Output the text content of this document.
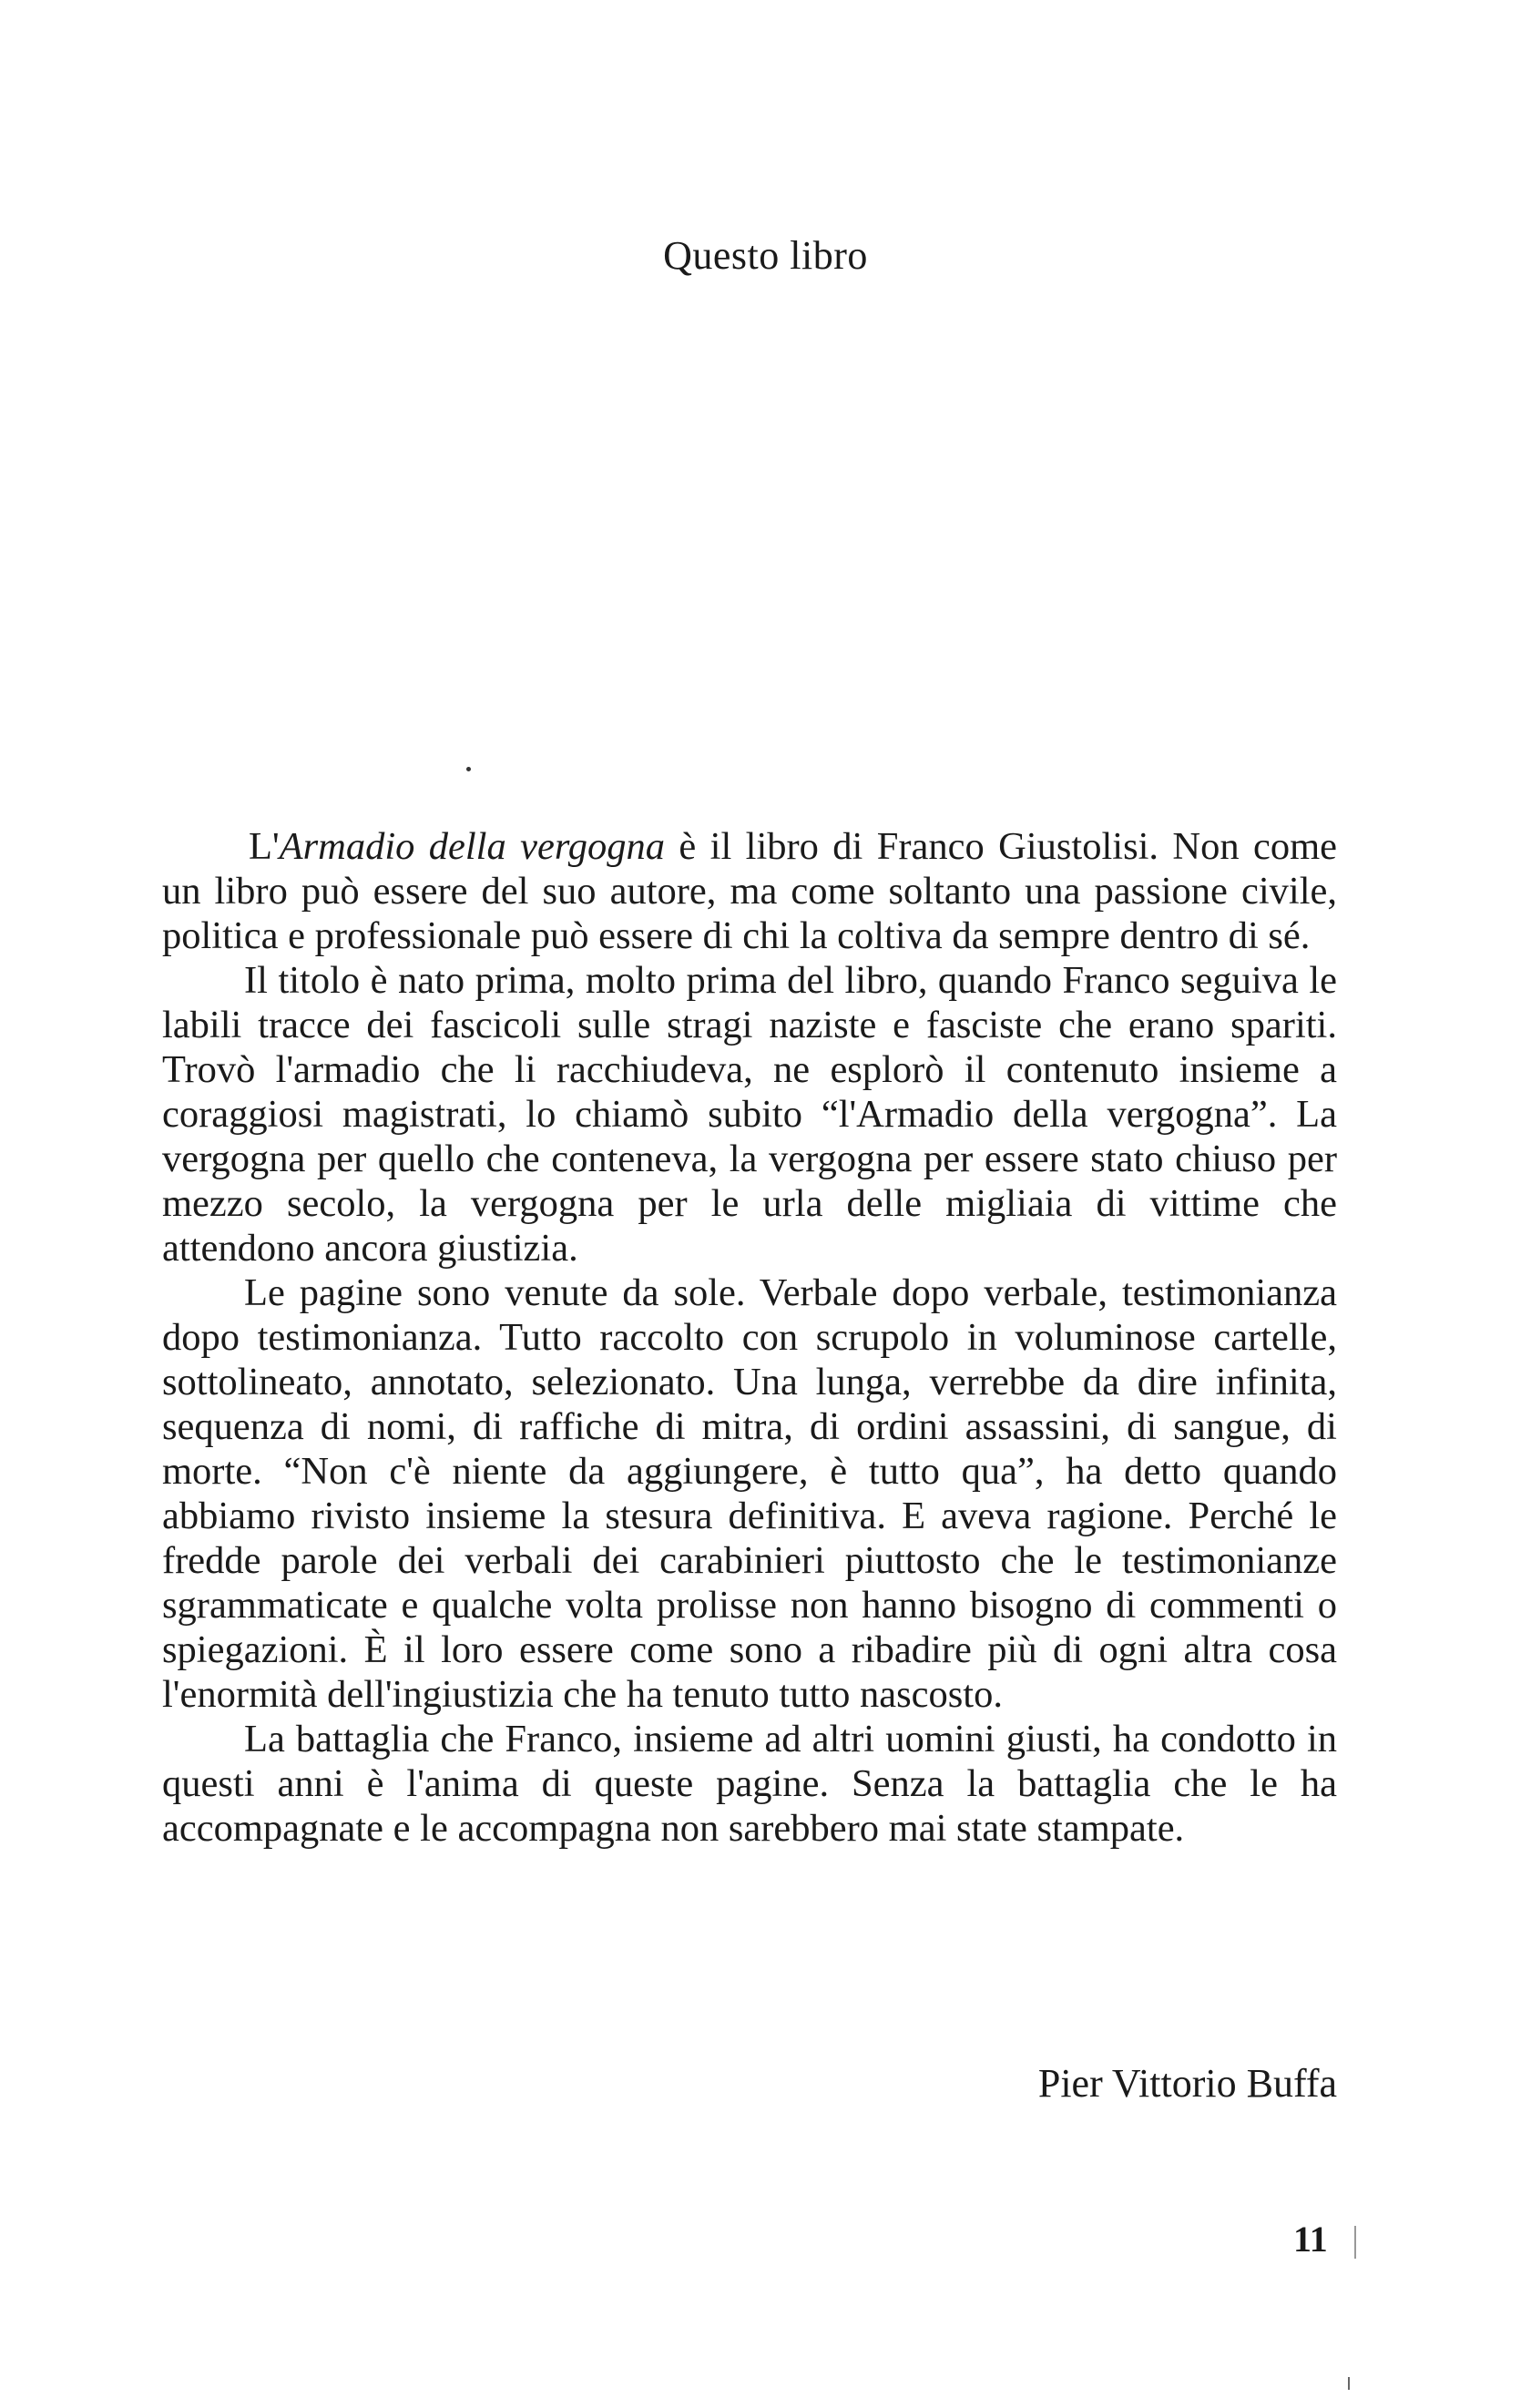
Questo libro

L'Armadio della vergogna è il libro di Franco Giustolisi. Non come un libro può essere del suo autore, ma come soltanto una passione civile, politica e professionale può essere di chi la coltiva da sempre dentro di sé.

Il titolo è nato prima, molto prima del libro, quando Franco seguiva le labili tracce dei fascicoli sulle stragi naziste e fasciste che erano spariti. Trovò l'armadio che li racchiudeva, ne esplorò il contenuto insieme a coraggiosi magistrati, lo chiamò subito “l'Armadio della vergogna”. La vergogna per quello che conteneva, la vergogna per essere stato chiuso per mezzo secolo, la vergogna per le urla delle migliaia di vittime che attendono ancora giustizia.

Le pagine sono venute da sole. Verbale dopo verbale, testimonianza dopo testimonianza. Tutto raccolto con scrupolo in voluminose cartelle, sottolineato, annotato, selezionato. Una lunga, verrebbe da dire infinita, sequenza di nomi, di raffiche di mitra, di ordini assassini, di sangue, di morte. “Non c'è niente da aggiungere, è tutto qua”, ha detto quando abbiamo rivisto insieme la stesura definitiva. E aveva ragione. Perché le fredde parole dei verbali dei carabinieri piuttosto che le testimonianze sgrammaticate e qualche volta prolisse non hanno bisogno di commenti o spiegazioni. È il loro essere come sono a ribadire più di ogni altra cosa l'enormità dell'ingiustizia che ha tenuto tutto nascosto.

La battaglia che Franco, insieme ad altri uomini giusti, ha condotto in questi anni è l'anima di queste pagine. Senza la battaglia che le ha accompagnate e le accompagna non sarebbero mai state stampate.

Pier Vittorio Buffa
11
